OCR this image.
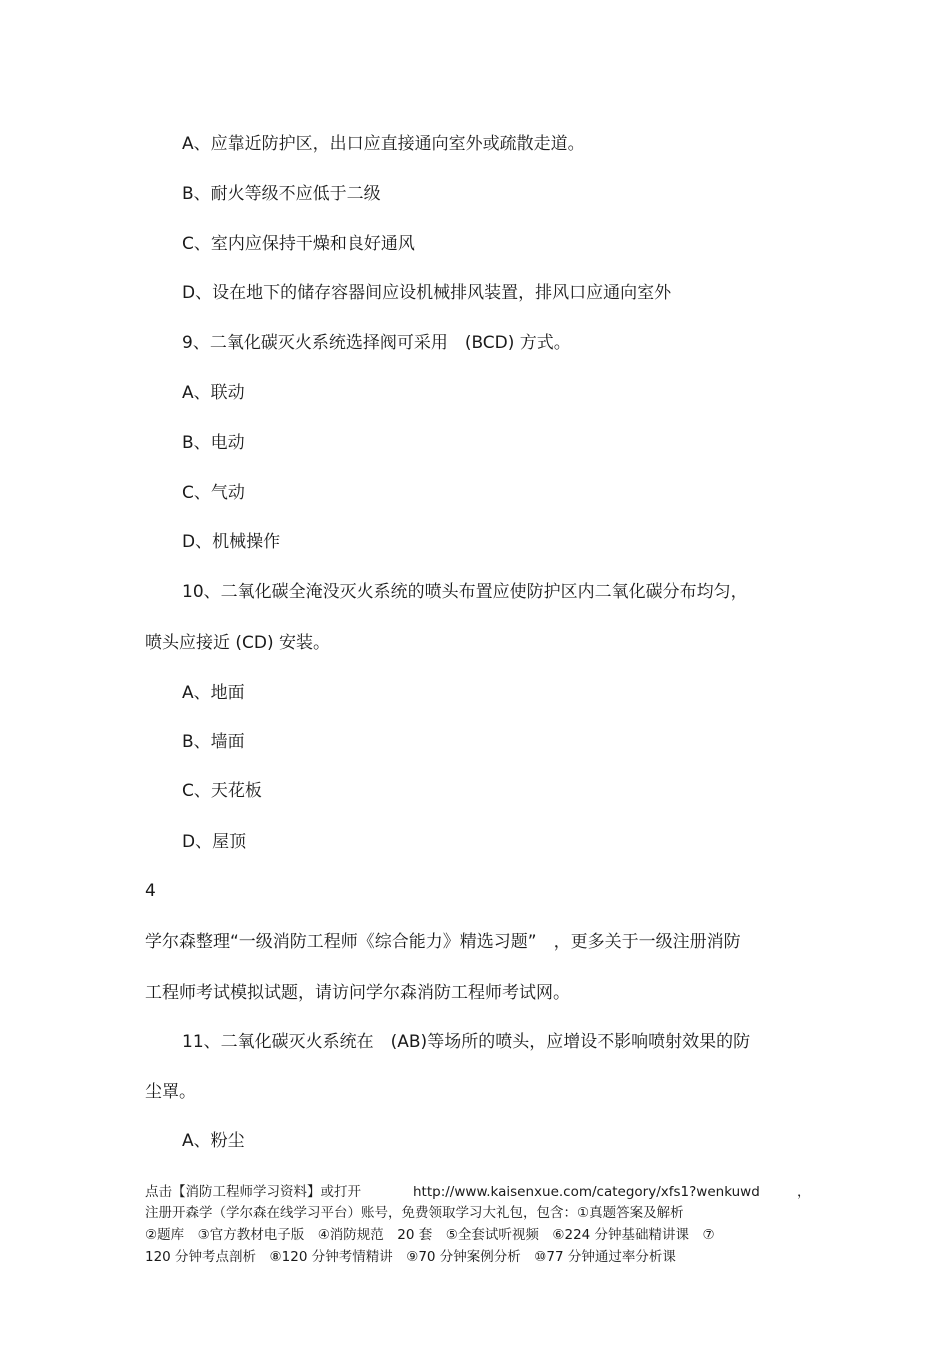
A、应靠近防护区，出口应直接通向室外或疏散走道。
B、耐火等级不应低于二级
C、室内应保持干燥和良好通风
D、设在地下的储存容器间应设机械排风装置，排风口应通向室外
9、二氧化碳灭火系统选择阀可采用　(BCD) 方式。
A、联动
B、电动
C、气动
D、机械操作
10、二氧化碳全淹没灭火系统的喷头布置应使防护区内二氧化碳分布均匀，
喷头应接近 (CD) 安装。
A、地面
B、墙面
C、天花板
D、屋顶
4
学尔森整理“一级消防工程师《综合能力》精选习题”　，更多关于一级注册消防
工程师考试模拟试题，请访问学尔森消防工程师考试网。
11、二氧化碳灭火系统在　(AB)等场所的喷头，应增设不影响喷射效果的防
尘罩。
A、粉尘
点击【消防工程师学习资料】或打开	http://www.kaisenxue.com/category/xfs1?wenkuwd	，
注册开森学（学尔森在线学习平台）账号，免费领取学习大礼包，包含：①真题答案及解析
②题库　③官方教材电子版　④消防规范　20 套　⑤全套试听视频　⑥224 分钟基础精讲课　⑦
120 分钟考点剖析　⑧120 分钟考情精讲　⑨70 分钟案例分析　⑩77 分钟通过率分析课
